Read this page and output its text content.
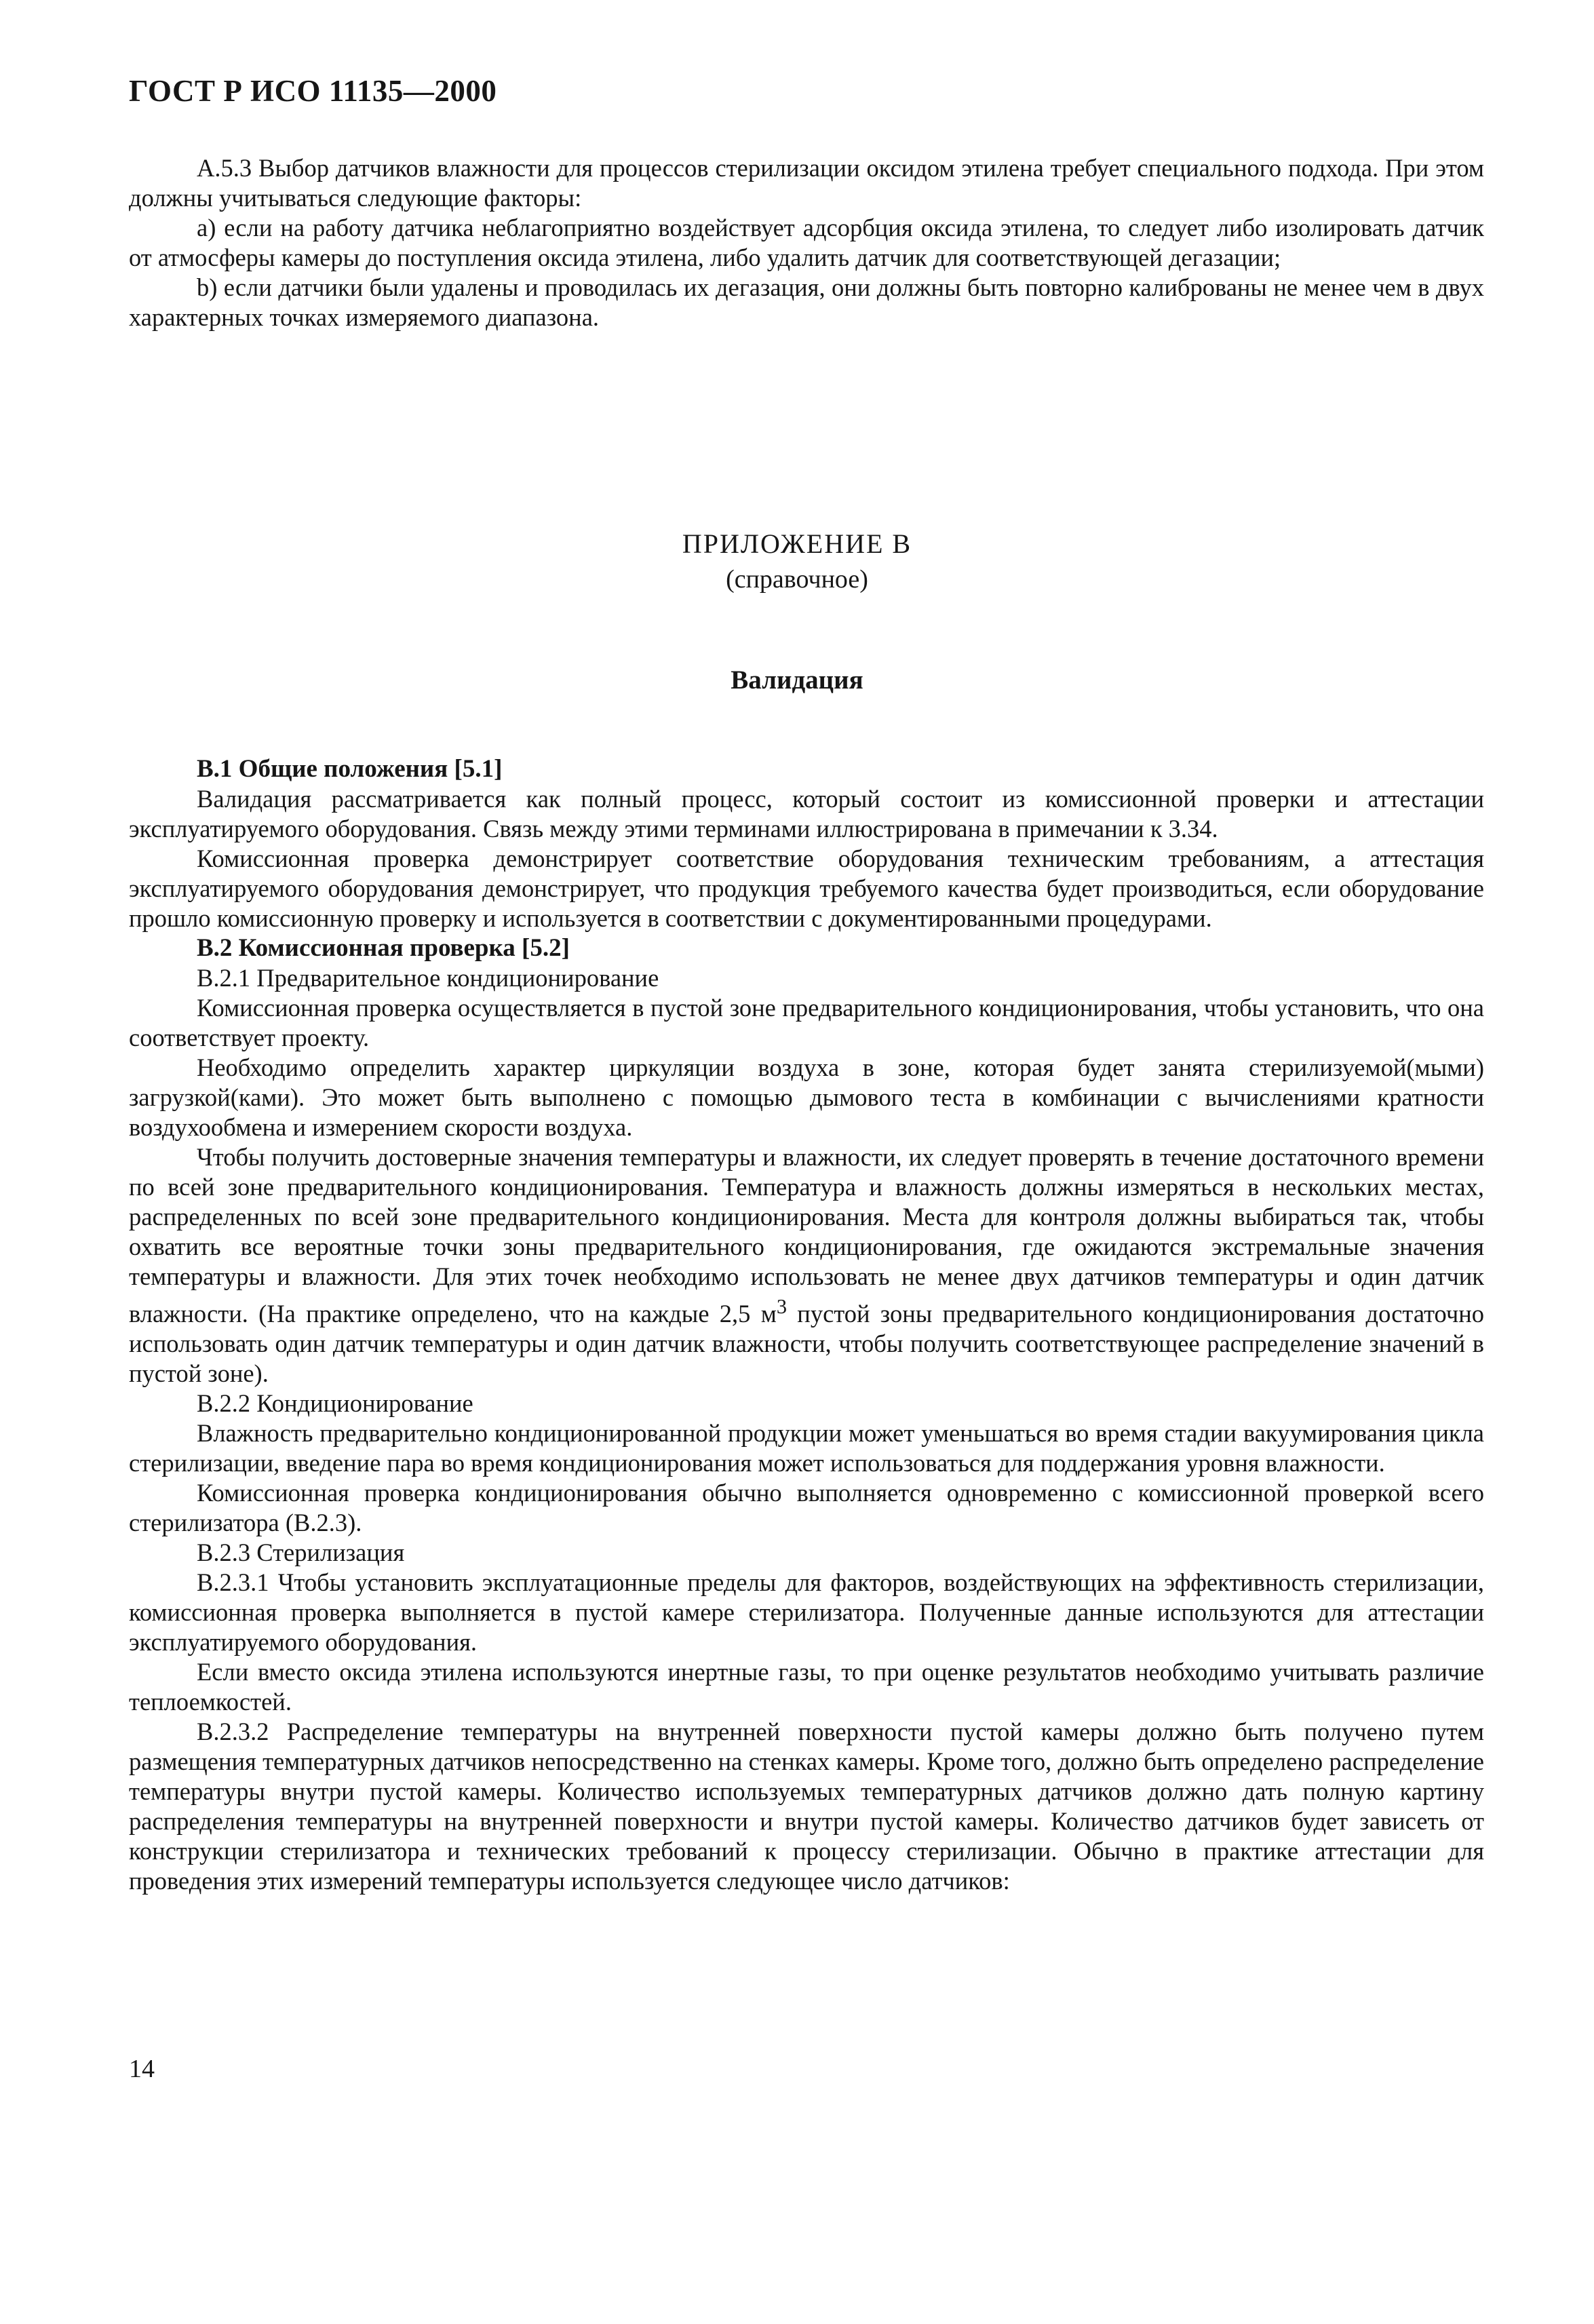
ГОСТ Р ИСО 11135—2000

А.5.3 Выбор датчиков влажности для процессов стерилизации оксидом этилена требует специального подхода. При этом должны учитываться следующие факторы:

а) если на работу датчика неблагоприятно воздействует адсорбция оксида этилена, то следует либо изолировать датчик от атмосферы камеры до поступления оксида этилена, либо удалить датчик для соответствующей дегазации;

b) если датчики были удалены и проводилась их дегазация, они должны быть повторно калиброваны не менее чем в двух характерных точках измеряемого диапазона.

ПРИЛОЖЕНИЕ В
(справочное)
Валидация

В.1 Общие положения [5.1]

Валидация рассматривается как полный процесс, который состоит из комиссионной проверки и аттестации эксплуатируемого оборудования. Связь между этими терминами иллюстрирована в примечании к 3.34.

Комиссионная проверка демонстрирует соответствие оборудования техническим требованиям, а аттестация эксплуатируемого оборудования демонстрирует, что продукция требуемого качества будет производиться, если оборудование прошло комиссионную проверку и используется в соответствии с документированными процедурами.

В.2 Комиссионная проверка [5.2]

В.2.1 Предварительное кондиционирование

Комиссионная проверка осуществляется в пустой зоне предварительного кондиционирования, чтобы установить, что она соответствует проекту.

Необходимо определить характер циркуляции воздуха в зоне, которая будет занята стерилизуемой(мыми) загрузкой(ками). Это может быть выполнено с помощью дымового теста в комбинации с вычислениями кратности воздухообмена и измерением скорости воздуха.

Чтобы получить достоверные значения температуры и влажности, их следует проверять в течение достаточного времени по всей зоне предварительного кондиционирования. Температура и влажность должны измеряться в нескольких местах, распределенных по всей зоне предварительного кондиционирования. Места для контроля должны выбираться так, чтобы охватить все вероятные точки зоны предварительного кондиционирования, где ожидаются экстремальные значения температуры и влажности. Для этих точек необходимо использовать не менее двух датчиков температуры и один датчик влажности. (На практике определено, что на каждые 2,5 $м^3$ пустой зоны предварительного кондиционирования достаточно использовать один датчик температуры и один датчик влажности, чтобы получить соответствующее распределение значений в пустой зоне).

В.2.2 Кондиционирование

Влажность предварительно кондиционированной продукции может уменьшаться во время стадии вакуумирования цикла стерилизации, введение пара во время кондиционирования может использоваться для поддержания уровня влажности.

Комиссионная проверка кондиционирования обычно выполняется одновременно с комиссионной проверкой всего стерилизатора (В.2.3).

В.2.3 Стерилизация

В.2.3.1 Чтобы установить эксплуатационные пределы для факторов, воздействующих на эффективность стерилизации, комиссионная проверка выполняется в пустой камере стерилизатора. Полученные данные используются для аттестации эксплуатируемого оборудования.

Если вместо оксида этилена используются инертные газы, то при оценке результатов необходимо учитывать различие теплоемкостей.

В.2.3.2 Распределение температуры на внутренней поверхности пустой камеры должно быть получено путем размещения температурных датчиков непосредственно на стенках камеры. Кроме того, должно быть определено распределение температуры внутри пустой камеры. Количество используемых температурных датчиков должно дать полную картину распределения температуры на внутренней поверхности и внутри пустой камеры. Количество датчиков будет зависеть от конструкции стерилизатора и технических требований к процессу стерилизации. Обычно в практике аттестации для проведения этих измерений температуры используется следующее число датчиков:

14
